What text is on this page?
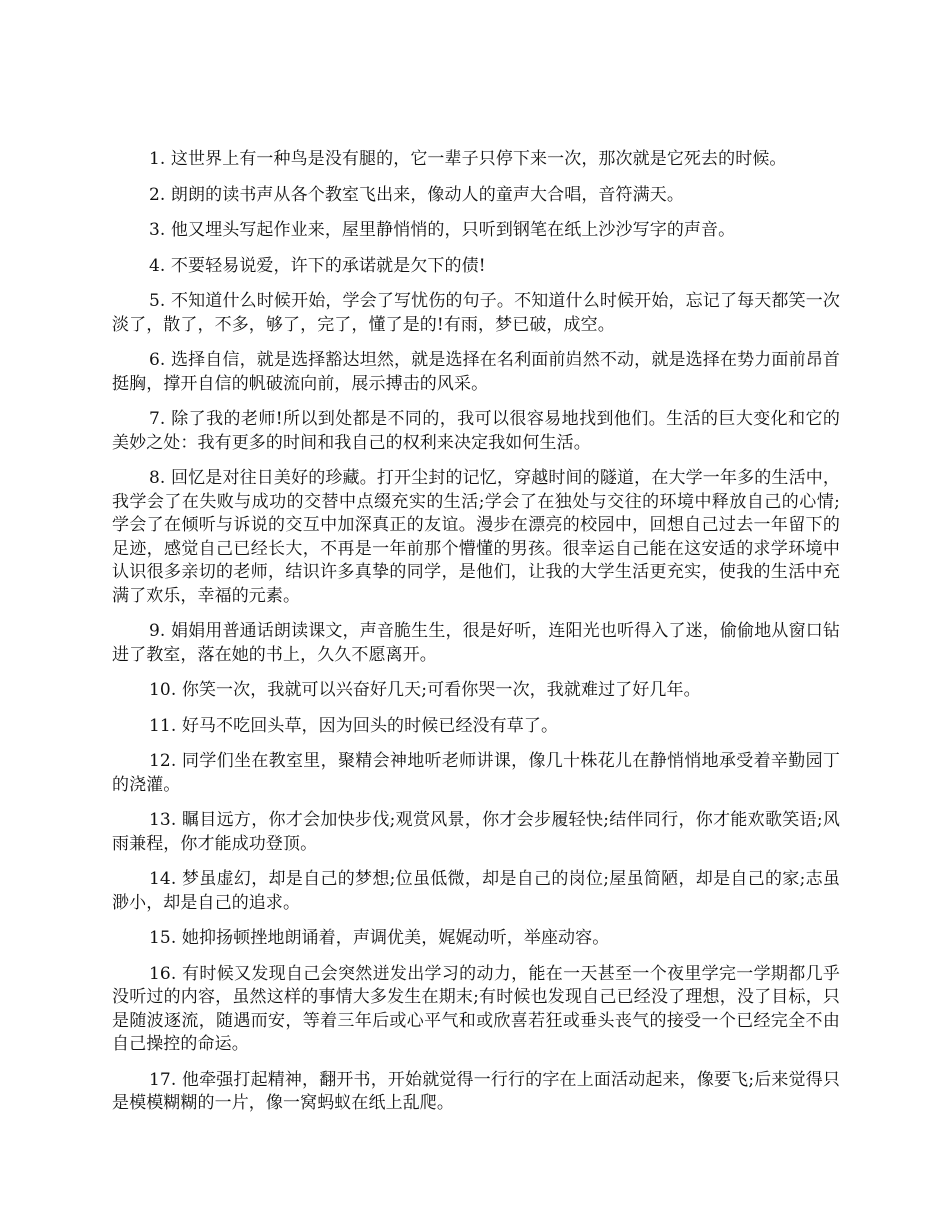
1. 这世界上有一种鸟是没有腿的，它一辈子只停下来一次，那次就是它死去的时候。

2. 朗朗的读书声从各个教室飞出来，像动人的童声大合唱，音符满天。

3. 他又埋头写起作业来，屋里静悄悄的，只听到钢笔在纸上沙沙写字的声音。

4. 不要轻易说爱，许下的承诺就是欠下的债!

5. 不知道什么时候开始，学会了写忧伤的句子。不知道什么时候开始，忘记了每天都笑一次淡了，散了，不多，够了，完了，懂了是的!有雨，梦已破，成空。

6. 选择自信，就是选择豁达坦然，就是选择在名利面前岿然不动，就是选择在势力面前昂首挺胸，撑开自信的帆破流向前，展示搏击的风采。

7. 除了我的老师!所以到处都是不同的，我可以很容易地找到他们。生活的巨大变化和它的美妙之处：我有更多的时间和我自己的权利来决定我如何生活。

8. 回忆是对往日美好的珍藏。打开尘封的记忆，穿越时间的隧道，在大学一年多的生活中，我学会了在失败与成功的交替中点缀充实的生活;学会了在独处与交往的环境中释放自己的心情;学会了在倾听与诉说的交互中加深真正的友谊。漫步在漂亮的校园中，回想自己过去一年留下的足迹，感觉自己已经长大，不再是一年前那个懵懂的男孩。很幸运自己能在这安适的求学环境中认识很多亲切的老师，结识许多真挚的同学，是他们，让我的大学生活更充实，使我的生活中充满了欢乐，幸福的元素。

9. 娟娟用普通话朗读课文，声音脆生生，很是好听，连阳光也听得入了迷，偷偷地从窗口钻进了教室，落在她的书上，久久不愿离开。

10. 你笑一次，我就可以兴奋好几天;可看你哭一次，我就难过了好几年。

11. 好马不吃回头草，因为回头的时候已经没有草了。

12. 同学们坐在教室里，聚精会神地听老师讲课，像几十株花儿在静悄悄地承受着辛勤园丁的浇灌。

13. 瞩目远方，你才会加快步伐;观赏风景，你才会步履轻快;结伴同行，你才能欢歌笑语;风雨兼程，你才能成功登顶。

14. 梦虽虚幻，却是自己的梦想;位虽低微，却是自己的岗位;屋虽简陋，却是自己的家;志虽渺小，却是自己的追求。

15. 她抑扬顿挫地朗诵着，声调优美，娓娓动听，举座动容。

16. 有时候又发现自己会突然迸发出学习的动力，能在一天甚至一个夜里学完一学期都几乎没听过的内容，虽然这样的事情大多发生在期末;有时候也发现自己已经没了理想，没了目标，只是随波逐流，随遇而安，等着三年后或心平气和或欣喜若狂或垂头丧气的接受一个已经完全不由自己操控的命运。

17. 他牵强打起精神，翻开书，开始就觉得一行行的字在上面活动起来，像要飞;后来觉得只是模模糊糊的一片，像一窝蚂蚁在纸上乱爬。
